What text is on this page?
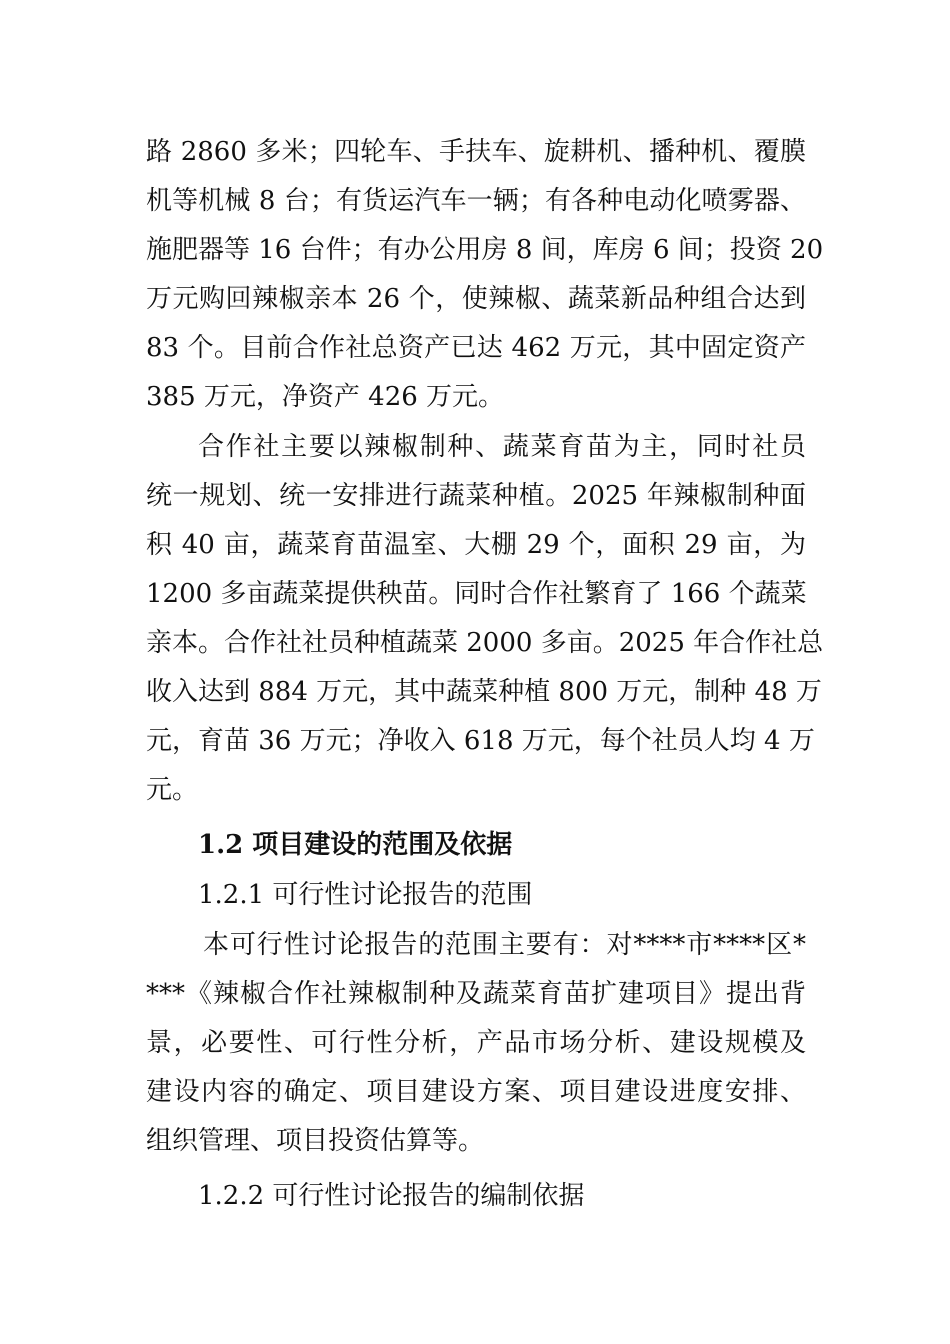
路 2860 多米；四轮车、手扶车、旋耕机、播种机、覆膜
机等机械 8 台；有货运汽车一辆；有各种电动化喷雾器、
施肥器等 16 台件；有办公用房 8 间，库房 6 间；投资 20
万元购回辣椒亲本 26 个，使辣椒、蔬菜新品种组合达到
83 个。目前合作社总资产已达 462 万元，其中固定资产
385 万元，净资产 426 万元。
合作社主要以辣椒制种、蔬菜育苗为主，同时社员
统一规划、统一安排进行蔬菜种植。2025 年辣椒制种面
积 40 亩，蔬菜育苗温室、大棚 29 个，面积 29 亩，为
1200 多亩蔬菜提供秧苗。同时合作社繁育了 166 个蔬菜
亲本。合作社社员种植蔬菜 2000 多亩。2025 年合作社总
收入达到 884 万元，其中蔬菜种植 800 万元，制种 48 万
元，育苗 36 万元；净收入 618 万元，每个社员人均 4 万
元。
1.2 项目建设的范围及依据
1.2.1 可行性讨论报告的范围
本可行性讨论报告的范围主要有：对****市****区*
***《辣椒合作社辣椒制种及蔬菜育苗扩建项目》提出背
景，必要性、可行性分析，产品市场分析、建设规模及
建设内容的确定、项目建设方案、项目建设进度安排、
组织管理、项目投资估算等。
1.2.2 可行性讨论报告的编制依据
